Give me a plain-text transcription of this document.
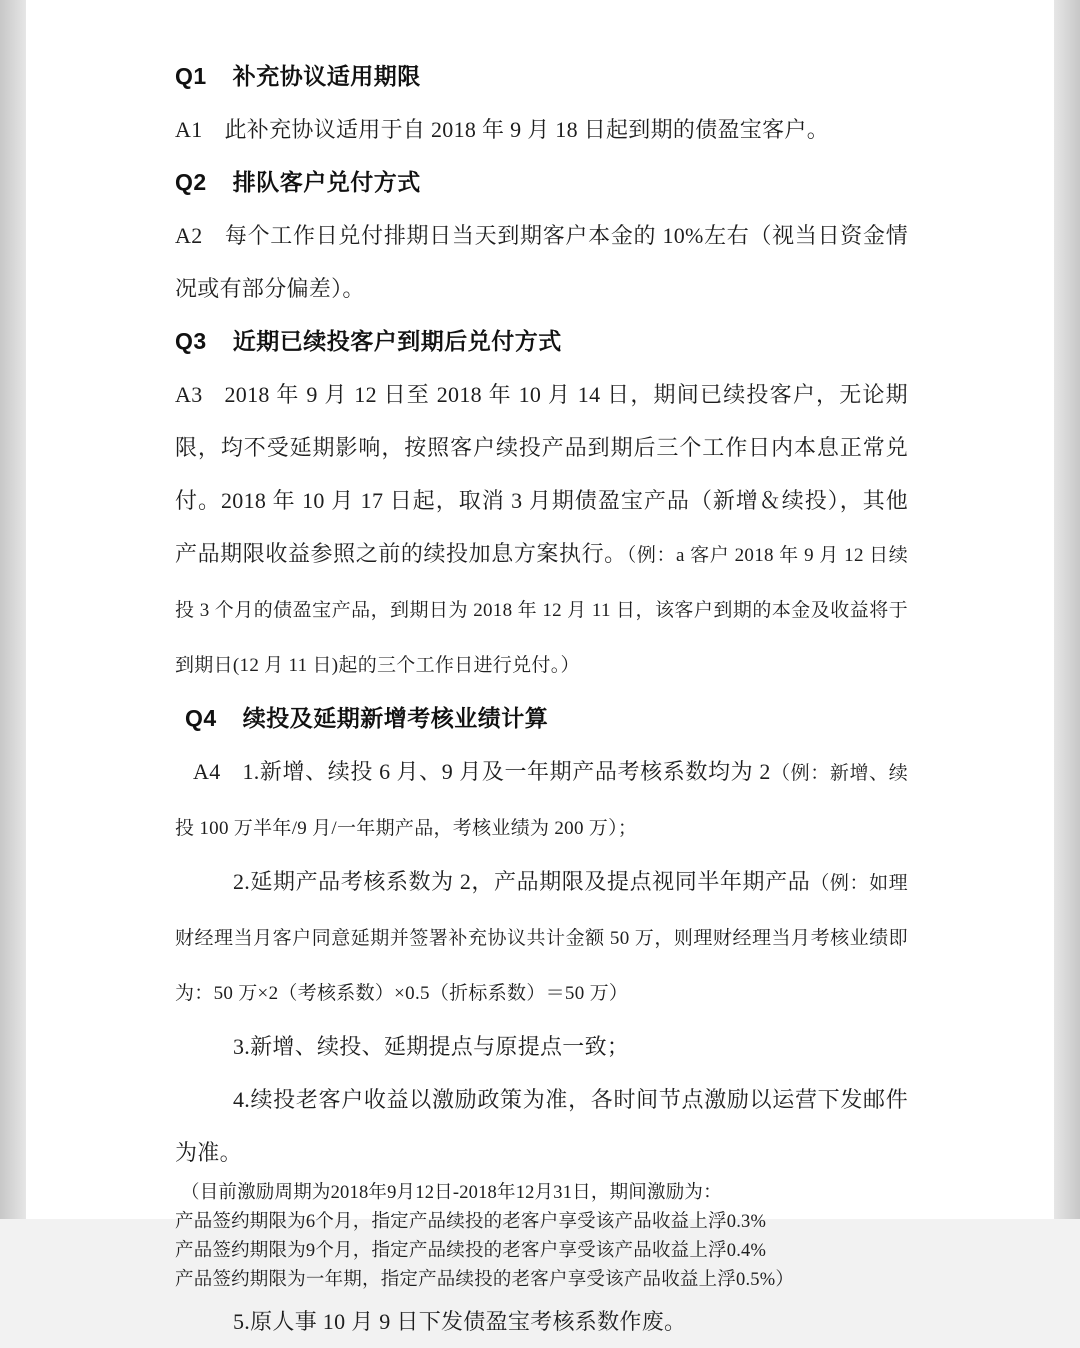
Q1 补充协议适用期限

A1 此补充协议适用于自 2018 年 9 月 18 日起到期的债盈宝客户。

Q2 排队客户兑付方式

A2 每个工作日兑付排期日当天到期客户本金的 10%左右（视当日资金情况或有部分偏差）。

Q3 近期已续投客户到期后兑付方式

A3 2018 年 9 月 12 日至 2018 年 10 月 14 日，期间已续投客户，无论期限，均不受延期影响，按照客户续投产品到期后三个工作日内本息正常兑付。2018 年 10 月 17 日起，取消 3 月期债盈宝产品（新增＆续投），其他产品期限收益参照之前的续投加息方案执行。（例：a 客户 2018 年 9 月 12 日续投 3 个月的债盈宝产品，到期日为 2018 年 12 月 11 日，该客户到期的本金及收益将于到期日(12 月 11 日)起的三个工作日进行兑付。）

Q4 续投及延期新增考核业绩计算

A4 1.新增、续投 6 月、9 月及一年期产品考核系数均为 2（例：新增、续投 100 万半年/9 月/一年期产品，考核业绩为 200 万）；

2.延期产品考核系数为 2，产品期限及提点视同半年期产品（例：如理财经理当月客户同意延期并签署补充协议共计金额 50 万，则理财经理当月考核业绩即为：50 万×2（考核系数）×0.5（折标系数）＝50 万）

3.新增、续投、延期提点与原提点一致；

4.续投老客户收益以激励政策为准，各时间节点激励以运营下发邮件为准。

（目前激励周期为2018年9月12日-2018年12月31日，期间激励为：
产品签约期限为6个月，指定产品续投的老客户享受该产品收益上浮0.3%
产品签约期限为9个月，指定产品续投的老客户享受该产品收益上浮0.4%
产品签约期限为一年期，指定产品续投的老客户享受该产品收益上浮0.5%）

5.原人事 10 月 9 日下发债盈宝考核系数作废。
